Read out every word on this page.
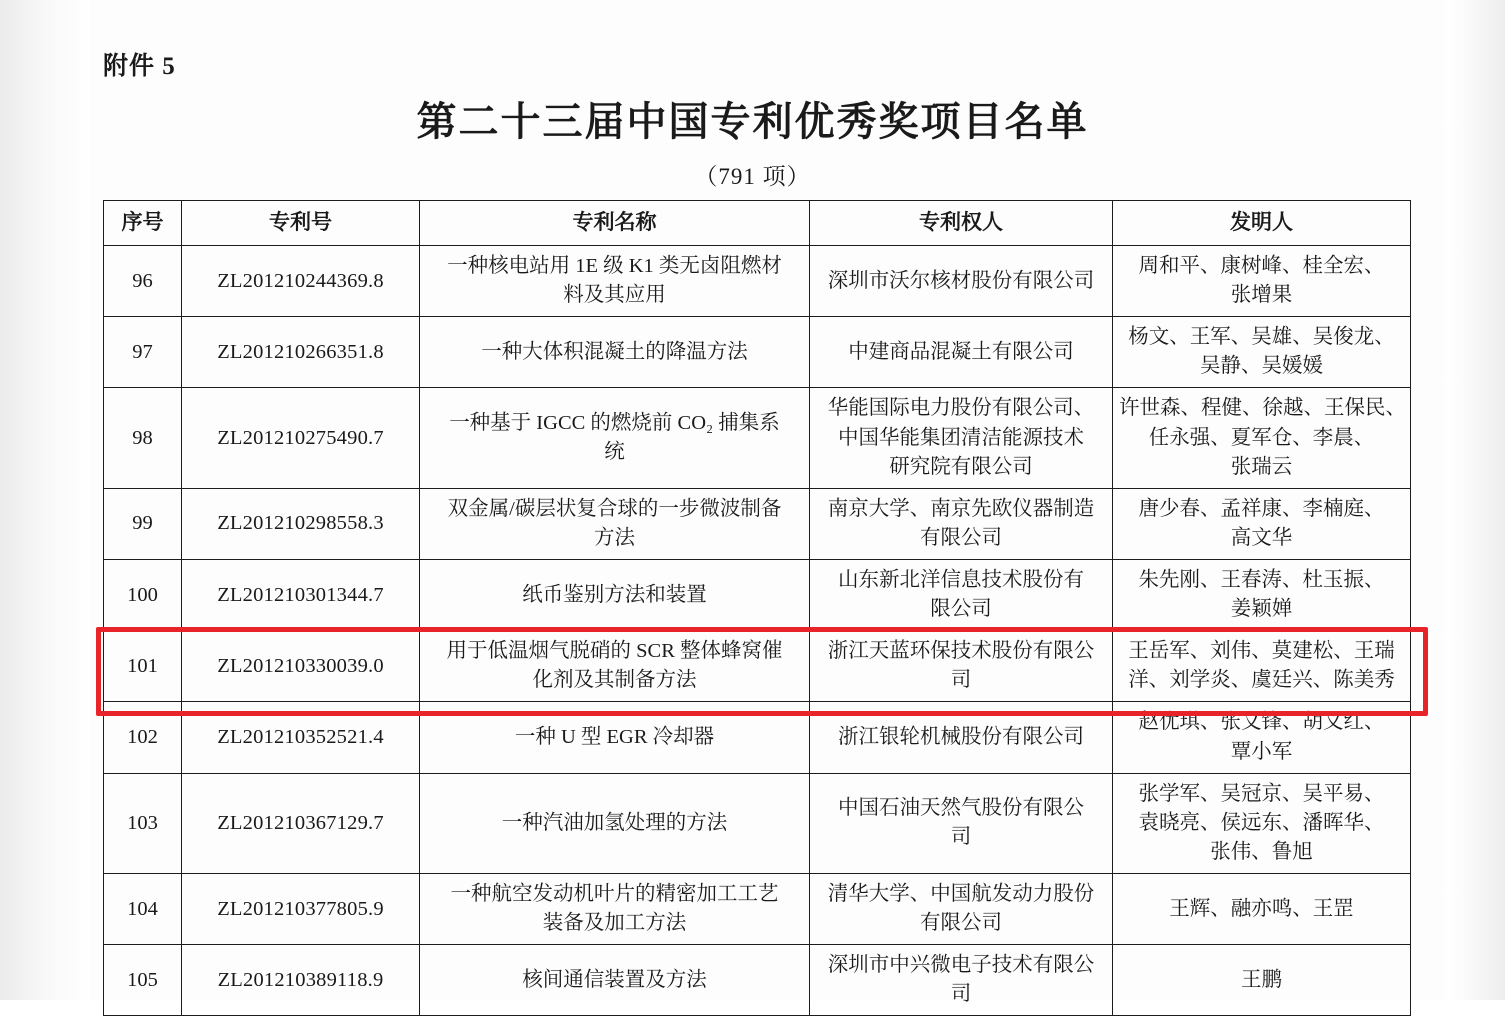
附件 5
第二十三届中国专利优秀奖项目名单
（791 项）
序号	专利号	专利名称	专利权人	发明人
96	ZL201210244369.8	一种核电站用 1E 级 K1 类无卤阻燃材
料及其应用	深圳市沃尔核材股份有限公司	周和平、康树峰、桂全宏、
张增果

97	ZL201210266351.8	一种大体积混凝土的降温方法	中建商品混凝土有限公司	杨文、王军、吴雄、吴俊龙、
吴静、吴媛媛

98	ZL201210275490.7	一种基于 IGCC 的燃烧前 CO₂ 捕集系
统	华能国际电力股份有限公司、
中国华能集团清洁能源技术
研究院有限公司	许世森、程健、徐越、王保民、
任永强、夏军仓、李晨、
张瑞云

99	ZL201210298558.3	双金属/碳层状复合球的一步微波制备
方法	南京大学、南京先欧仪器制造
有限公司	唐少春、孟祥康、李楠庭、
高文华

100	ZL201210301344.7	纸币鉴别方法和装置	山东新北洋信息技术股份有
限公司	朱先刚、王春涛、杜玉振、
姜颖婵

101	ZL201210330039.0	用于低温烟气脱硝的 SCR 整体蜂窝催
化剂及其制备方法	浙江天蓝环保技术股份有限公
司	王岳军、刘伟、莫建松、王瑞
洋、刘学炎、虞廷兴、陈美秀

102	ZL201210352521.4	一种 U 型 EGR 冷却器	浙江银轮机械股份有限公司	赵优琪、张文锋、胡义红、
覃小军

103	ZL201210367129.7	一种汽油加氢处理的方法	中国石油天然气股份有限公
司	张学军、吴冠京、吴平易、
袁晓亮、侯远东、潘晖华、
张伟、鲁旭

104	ZL201210377805.9	一种航空发动机叶片的精密加工工艺
装备及加工方法	清华大学、中国航发动力股份
有限公司	王辉、融亦鸣、王罡

105	ZL201210389118.9	核间通信装置及方法	深圳市中兴微电子技术有限公
司	王鹏
